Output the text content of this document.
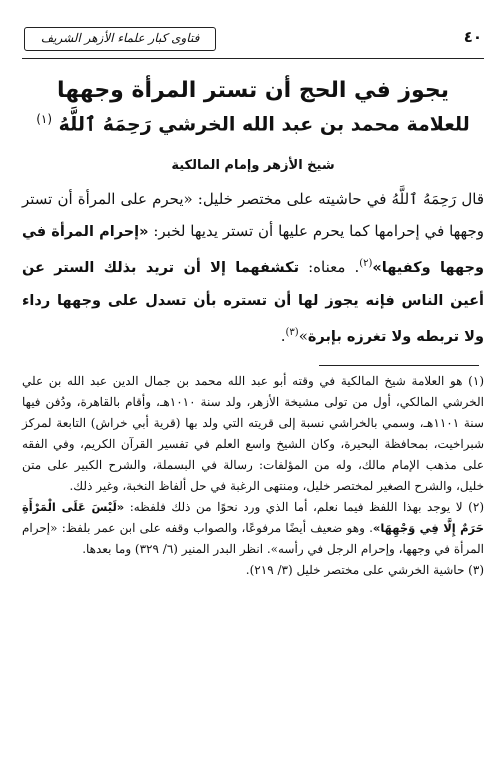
٤٠
فتاوى كبار علماء الأزهر الشريف
يجوز في الحج أن تستر المرأة وجهها
للعلامة محمد بن عبد الله الخرشي رَحِمَهُ ٱللَّهُ $^{(١)}$
شيخ الأزهر وإمام المالكية
قال رَحِمَهُ ٱللَّهُ في حاشيته على مختصر خليل: «يحرم على المرأة أن تستر وجهها في إحرامها كما يحرم عليها أن تستر يديها لخبر: «إحرام المرأة في وجهها وكفيها»$^{(٢)}$. معناه: تكشفهما إلا أن تريد بذلك الستر عن أعين الناس فإنه يجوز لها أن تستره بأن تسدل على وجهها رداء ولا تربطه ولا تغرزه بإبرة»$^{(٣)}$.

(١) هو العلامة شيخ المالكية في وقته أبو عبد الله محمد بن جمال الدين عبد الله بن علي الخرشي المالكي، أول من تولى مشيخة الأزهر، ولد سنة ١٠١٠هـ، وأقام بالقاهرة، ودُفن فيها سنة ١١٠١هـ، وسمي بالخراشي نسبة إلى قريته التي ولد بها (قرية أبي خراش) التابعة لمركز شبراخيت، بمحافظة البحيرة، وكان الشيخ واسع العلم في تفسير القرآن الكريم، وفي الفقه على مذهب الإمام مالك، وله من المؤلفات: رسالة في البسملة، والشرح الكبير على متن خليل، والشرح الصغير لمختصر خليل، ومنتهى الرغبة في حل ألفاظ النخبة، وغير ذلك.

(٢) لا يوجد بهذا اللفظ فيما نعلم، أما الذي ورد نحوًا من ذلك فلفظه: «لَيْسَ عَلَى الْمَرْأَةِ حَرَمٌ إِلَّا فِي وَجْهِهَا». وهو ضعيف أيضًا مرفوعًا، والصواب وقفه على ابن عمر بلفظ: «إحرام المرأة في وجهها، وإحرام الرجل في رأسه». انظر البدر المنير (٦/ ٣٢٩) وما بعدها.

(٣) حاشية الخرشي على مختصر خليل (٣/ ٢١٩).
